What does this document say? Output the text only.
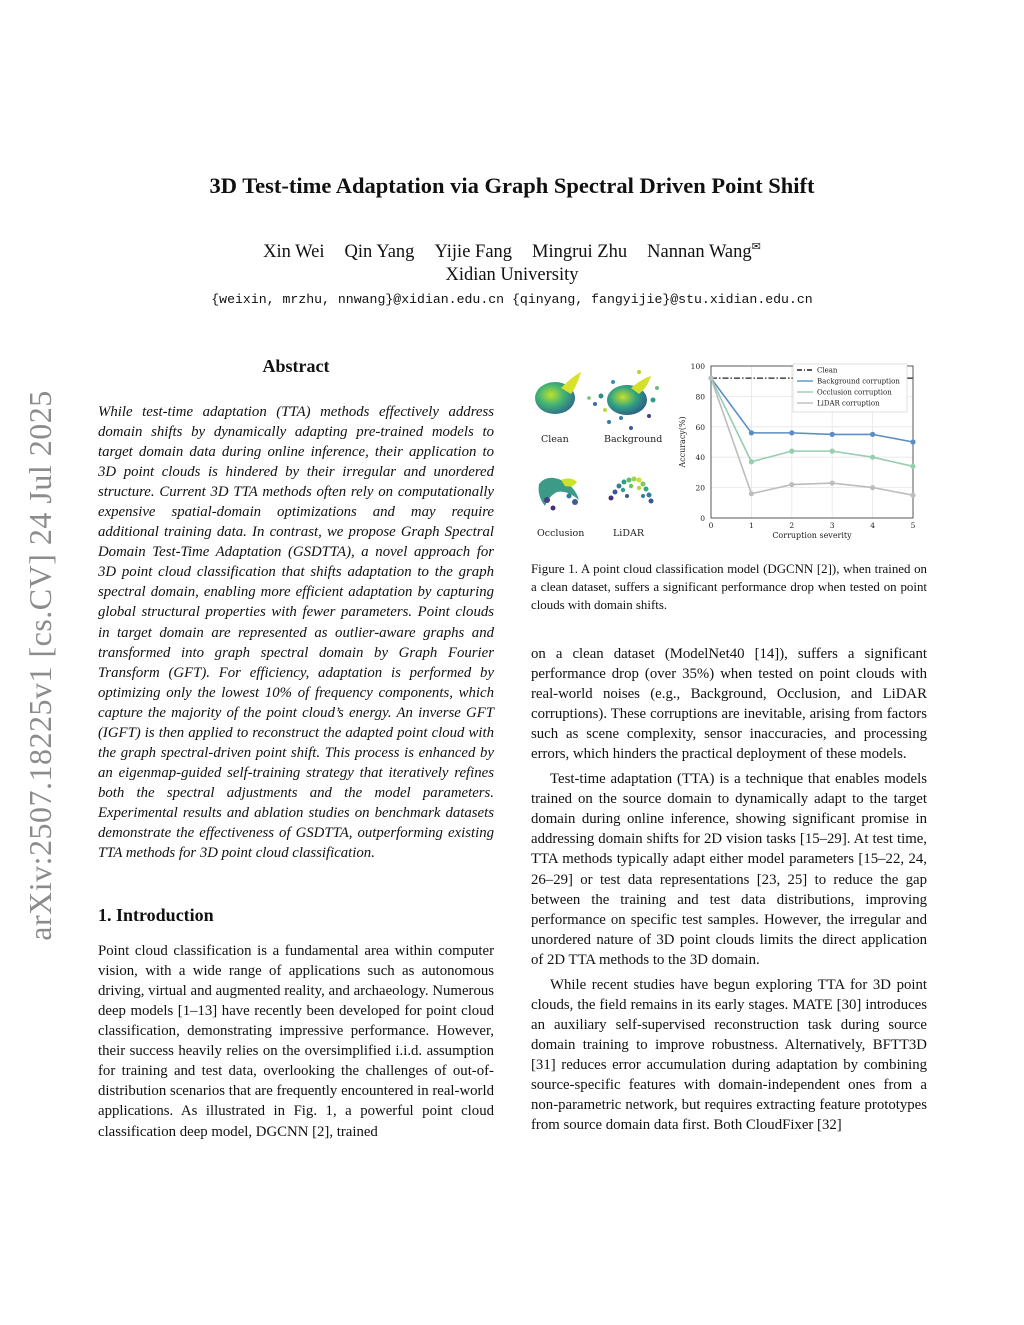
arXiv:2507.18225v1 [cs.CV] 24 Jul 2025
3D Test-time Adaptation via Graph Spectral Driven Point Shift
Xin Wei Qin Yang Yijie Fang Mingrui Zhu Nannan Wang✉
Xidian University
{weixin, mrzhu, nnwang}@xidian.edu.cn {qinyang, fangyijie}@stu.xidian.edu.cn
Abstract

While test-time adaptation (TTA) methods effectively address domain shifts by dynamically adapting pre-trained models to target domain data during online inference, their application to 3D point clouds is hindered by their irregular and unordered structure. Current 3D TTA methods often rely on computationally expensive spatial-domain optimizations and may require additional training data. In contrast, we propose Graph Spectral Domain Test-Time Adaptation (GSDTTA), a novel approach for 3D point cloud classification that shifts adaptation to the graph spectral domain, enabling more efficient adaptation by capturing global structural properties with fewer parameters. Point clouds in target domain are represented as outlier-aware graphs and transformed into graph spectral domain by Graph Fourier Transform (GFT). For efficiency, adaptation is performed by optimizing only the lowest 10% of frequency components, which capture the majority of the point cloud’s energy. An inverse GFT (IGFT) is then applied to reconstruct the adapted point cloud with the graph spectral-driven point shift. This process is enhanced by an eigenmap-guided self-training strategy that iteratively refines both the spectral adjustments and the model parameters. Experimental results and ablation studies on benchmark datasets demonstrate the effectiveness of GSDTTA, outperforming existing TTA methods for 3D point cloud classification.

1. Introduction

Point cloud classification is a fundamental area within computer vision, with a wide range of applications such as autonomous driving, virtual and augmented reality, and archaeology. Numerous deep models [1–13] have recently been developed for point cloud classification, demonstrating impressive performance. However, their success heavily relies on the oversimplified i.i.d. assumption for training and test data, overlooking the challenges of out-of-distribution scenarios that are frequently encountered in real-world applications. As illustrated in Fig. 1, a powerful point cloud classification deep model, DGCNN [2], trained

Clean	Background
Occlusion	LiDAR
0
20
40
60
80
100
0	1	2	3	4	5
Corruption severity
Accuracy(%)
Clean
Background corruption
Occlusion corruption
LiDAR corruption

Figure 1. A point cloud classification model (DGCNN [2]), when trained on a clean dataset, suffers a significant performance drop when tested on point clouds with domain shifts.

on a clean dataset (ModelNet40 [14]), suffers a significant performance drop (over 35%) when tested on point clouds with real-world noises (e.g., Background, Occlusion, and LiDAR corruptions). These corruptions are inevitable, arising from factors such as scene complexity, sensor inaccuracies, and processing errors, which hinders the practical deployment of these models.

Test-time adaptation (TTA) is a technique that enables models trained on the source domain to dynamically adapt to the target domain during online inference, showing significant promise in addressing domain shifts for 2D vision tasks [15–29]. At test time, TTA methods typically adapt either model parameters [15–22, 24, 26–29] or test data representations [23, 25] to reduce the gap between the training and test data distributions, improving performance on specific test samples. However, the irregular and unordered nature of 3D point clouds limits the direct application of 2D TTA methods to the 3D domain.

While recent studies have begun exploring TTA for 3D point clouds, the field remains in its early stages. MATE [30] introduces an auxiliary self-supervised reconstruction task during source domain training to improve robustness. Alternatively, BFTT3D [31] reduces error accumulation during adaptation by combining source-specific features with domain-independent ones from a non-parametric network, but requires extracting feature prototypes from source domain data first. Both CloudFixer [32]
